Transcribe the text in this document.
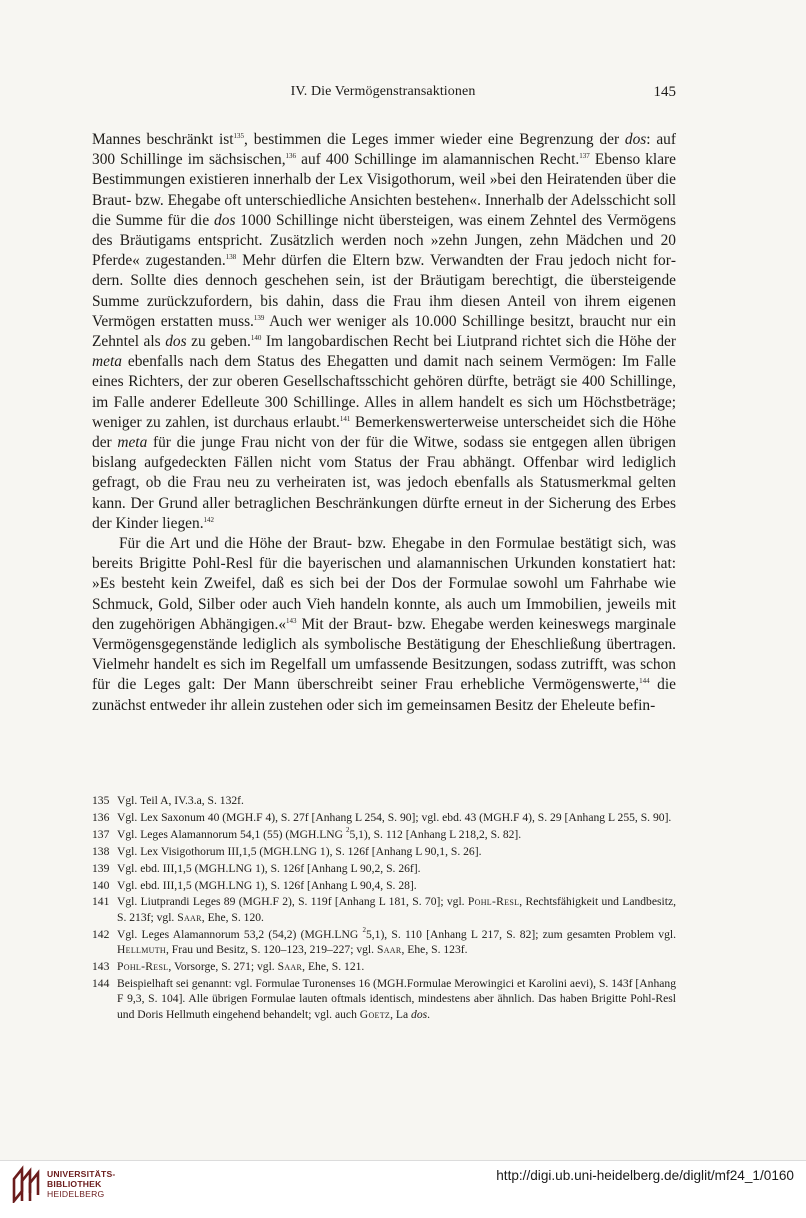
IV. Die Vermögenstransaktionen	145

Mannes beschränkt ist$^{135}$, bestimmen die Leges immer wieder eine Begrenzung der dos: auf 300 Schillinge im sächsischen,$^{136}$ auf 400 Schillinge im alamannischen Recht.$^{137}$ Ebenso klare Bestimmungen existieren innerhalb der Lex Visigothorum, weil »bei den Heiratenden über die Braut- bzw. Ehegabe oft unterschiedliche Ansichten bestehen«. Innerhalb der Adelsschicht soll die Summe für die dos 1000 Schillinge nicht übersteigen, was einem Zehntel des Vermögens des Bräutigams entspricht. Zusätzlich werden noch »zehn Jungen, zehn Mädchen und 20 Pferde« zugestanden.$^{138}$ Mehr dürfen die Eltern bzw. Verwandten der Frau jedoch nicht fordern. Sollte dies dennoch geschehen sein, ist der Bräutigam berechtigt, die übersteigende Summe zurückzufordern, bis dahin, dass die Frau ihm diesen Anteil von ihrem eigenen Vermögen erstatten muss.$^{139}$ Auch wer weniger als 10.000 Schillinge besitzt, braucht nur ein Zehntel als dos zu geben.$^{140}$ Im langobardischen Recht bei Liutprand richtet sich die Höhe der meta ebenfalls nach dem Status des Ehegatten und damit nach seinem Vermögen: Im Falle eines Richters, der zur oberen Gesellschaftsschicht gehören dürfte, beträgt sie 400 Schillinge, im Falle anderer Edelleute 300 Schillinge. Alles in allem handelt es sich um Höchstbeträge; weniger zu zahlen, ist durchaus erlaubt.$^{141}$ Bemerkenswerterweise unterscheidet sich die Höhe der meta für die junge Frau nicht von der für die Witwe, sodass sie entgegen allen übrigen bislang aufgedeckten Fällen nicht vom Status der Frau abhängt. Offenbar wird lediglich gefragt, ob die Frau neu zu verheiraten ist, was jedoch ebenfalls als Statusmerkmal gelten kann. Der Grund aller betraglichen Beschränkungen dürfte erneut in der Sicherung des Erbes der Kinder liegen.$^{142}$

Für die Art und die Höhe der Braut- bzw. Ehegabe in den Formulae bestätigt sich, was bereits Brigitte Pohl-Resl für die bayerischen und alamannischen Urkunden konstatiert hat: »Es besteht kein Zweifel, daß es sich bei der Dos der Formulae sowohl um Fahrhabe wie Schmuck, Gold, Silber oder auch Vieh handeln konnte, als auch um Immobilien, jeweils mit den zugehörigen Abhängigen.«$^{143}$ Mit der Braut- bzw. Ehegabe werden keineswegs marginale Vermögensgegenstände lediglich als symbolische Bestätigung der Eheschließung übertragen. Vielmehr handelt es sich im Regelfall um umfassende Besitzungen, sodass zutrifft, was schon für die Leges galt: Der Mann überschreibt seiner Frau erhebliche Vermögenswerte,$^{144}$ die zunächst entweder ihr allein zustehen oder sich im gemeinsamen Besitz der Eheleute befin-

135 Vgl. Teil A, IV.3.a, S. 132f.
136 Vgl. Lex Saxonum 40 (MGH.F 4), S. 27f [Anhang L 254, S. 90]; vgl. ebd. 43 (MGH.F 4), S. 29 [Anhang L 255, S. 90].
137 Vgl. Leges Alamannorum 54,1 (55) (MGH.LNG $^2$5,1), S. 112 [Anhang L 218,2, S. 82].
138 Vgl. Lex Visigothorum III,1,5 (MGH.LNG 1), S. 126f [Anhang L 90,1, S. 26].
139 Vgl. ebd. III,1,5 (MGH.LNG 1), S. 126f [Anhang L 90,2, S. 26f].
140 Vgl. ebd. III,1,5 (MGH.LNG 1), S. 126f [Anhang L 90,4, S. 28].
141 Vgl. Liutprandi Leges 89 (MGH.F 2), S. 119f [Anhang L 181, S. 70]; vgl. Pohl-Resl, Rechtsfähigkeit und Landbesitz, S. 213f; vgl. Saar, Ehe, S. 120.
142 Vgl. Leges Alamannorum 53,2 (54,2) (MGH.LNG $^2$5,1), S. 110 [Anhang L 217, S. 82]; zum gesamten Problem vgl. Hellmuth, Frau und Besitz, S. 120–123, 219–227; vgl. Saar, Ehe, S. 123f.
143 Pohl-Resl, Vorsorge, S. 271; vgl. Saar, Ehe, S. 121.
144 Beispielhaft sei genannt: vgl. Formulae Turonenses 16 (MGH.Formulae Merowingici et Karolini aevi), S. 143f [Anhang F 9,3, S. 104]. Alle übrigen Formulae lauten oftmals identisch, mindestens aber ähnlich. Das haben Brigitte Pohl-Resl und Doris Hellmuth eingehend behandelt; vgl. auch Goetz, La dos.
UNIVERSITÄTS-
BIBLIOTHEK
HEIDELBERG
http://digi.ub.uni-heidelberg.de/diglit/mf24_1/0160
